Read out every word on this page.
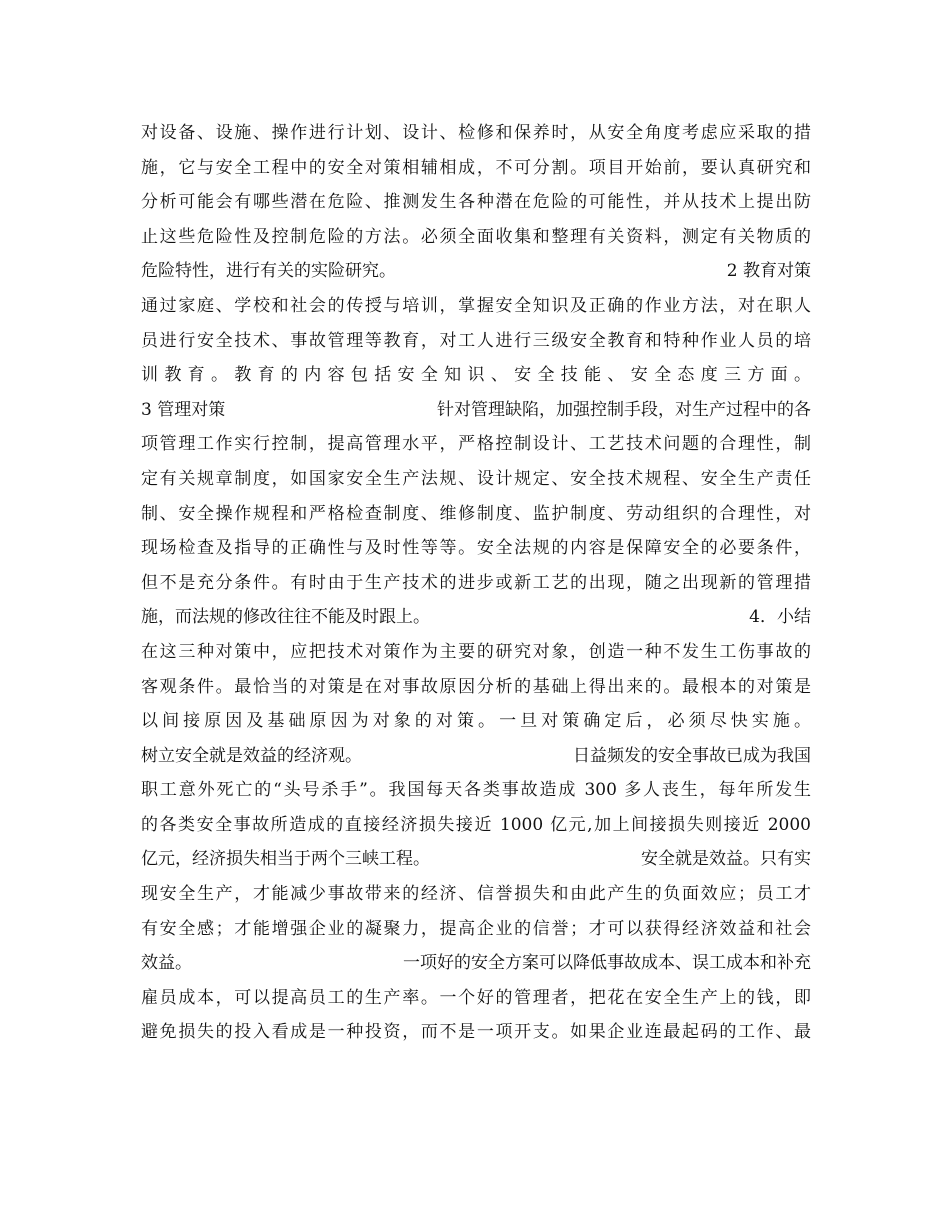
对设备、设施、操作进行计划、设计、检修和保养时，从安全角度考虑应采取的措
施，它与安全工程中的安全对策相辅相成，不可分割。项目开始前，要认真研究和
分析可能会有哪些潜在危险、推测发生各种潜在危险的可能性，并从技术上提出防
止这些危险性及控制危险的方法。必须全面收集和整理有关资料，测定有关物质的
危险特性，进行有关的实险研究。	2 教育对策
通过家庭、学校和社会的传授与培训，掌握安全知识及正确的作业方法，对在职人
员进行安全技术、事故管理等教育，对工人进行三级安全教育和特种作业人员的培
训教育。教育的内容包括安全知识、安全技能、安全态度三方面。
3 管理对策	针对管理缺陷，加强控制手段，对生产过程中的各
项管理工作实行控制，提高管理水平，严格控制设计、工艺技术问题的合理性，制
定有关规章制度，如国家安全生产法规、设计规定、安全技术规程、安全生产责任
制、安全操作规程和严格检查制度、维修制度、监护制度、劳动组织的合理性，对
现场检查及指导的正确性与及时性等等。安全法规的内容是保障安全的必要条件，
但不是充分条件。有时由于生产技术的进步或新工艺的出现，随之出现新的管理措
施，而法规的修改往往不能及时跟上。	4．小结
在这三种对策中，应把技术对策作为主要的研究对象，创造一种不发生工伤事故的
客观条件。最恰当的对策是在对事故原因分析的基础上得出来的。最根本的对策是
以间接原因及基础原因为对象的对策。一旦对策确定后，必须尽快实施。
树立安全就是效益的经济观。	日益频发的安全事故已成为我国
职工意外死亡的“头号杀手”。我国每天各类事故造成 300 多人丧生，每年所发生
的各类安全事故所造成的直接经济损失接近 1000 亿元,加上间接损失则接近 2000
亿元，经济损失相当于两个三峡工程。	安全就是效益。只有实
现安全生产，才能减少事故带来的经济、信誉损失和由此产生的负面效应；员工才
有安全感；才能增强企业的凝聚力，提高企业的信誉；才可以获得经济效益和社会
效益。	一项好的安全方案可以降低事故成本、误工成本和补充
雇员成本，可以提高员工的生产率。一个好的管理者，把花在安全生产上的钱，即
避免损失的投入看成是一种投资，而不是一项开支。如果企业连最起码的工作、最
